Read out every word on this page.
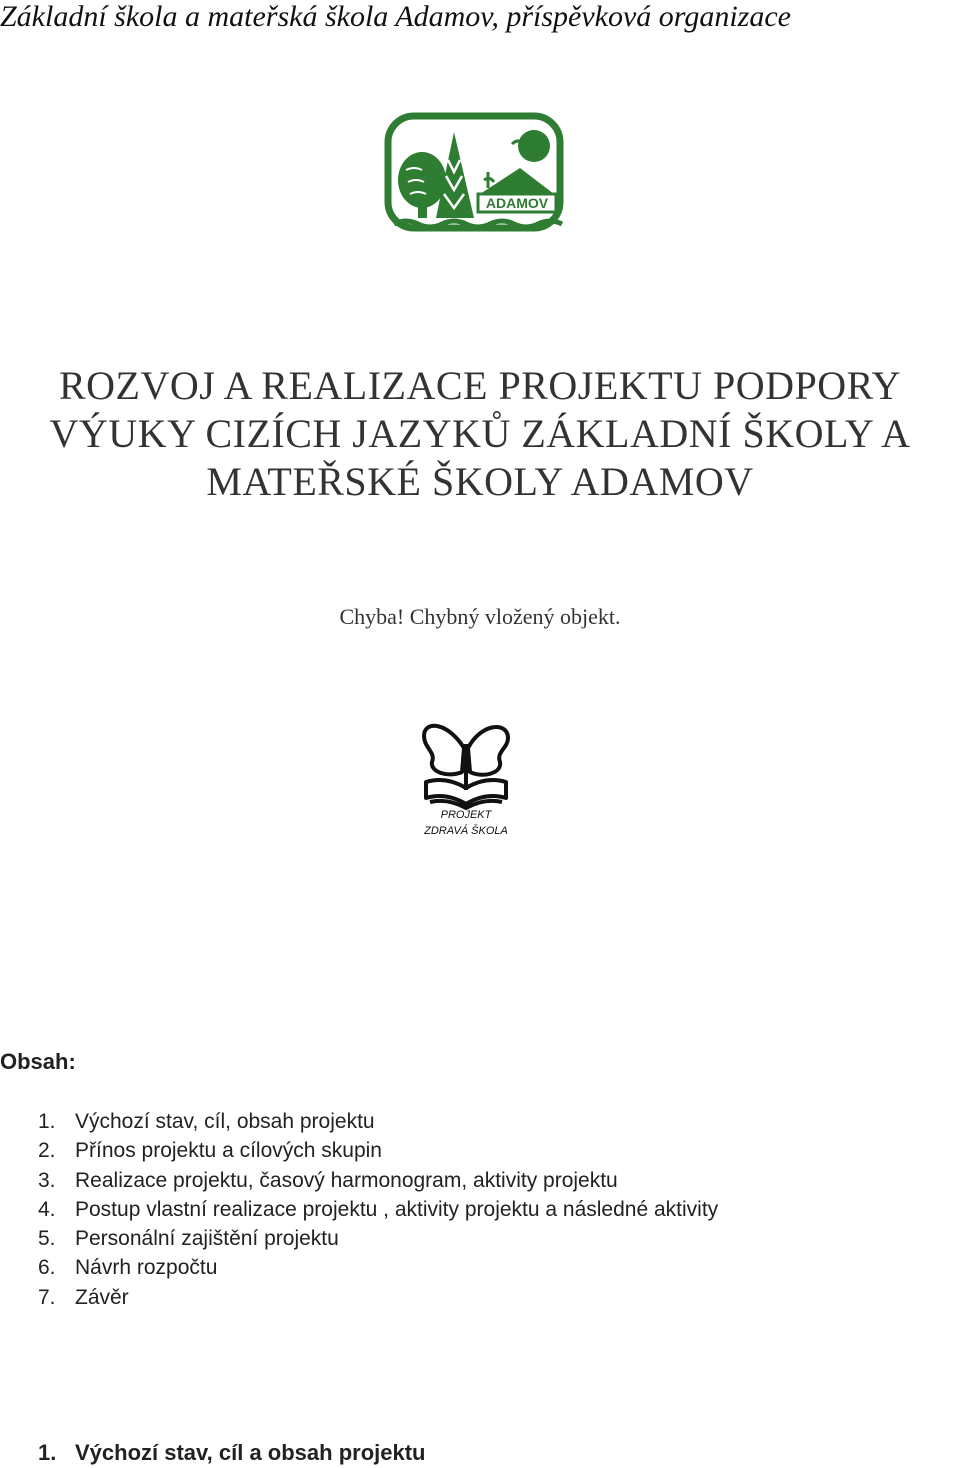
Základní škola a mateřská škola Adamov, příspěvková organizace
ADAMOV
ROZVOJ A REALIZACE PROJEKTU PODPORY
VÝUKY CIZÍCH JAZYKŮ ZÁKLADNÍ ŠKOLY A
MATEŘSKÉ ŠKOLY ADAMOV
Chyba! Chybný vložený objekt.
PROJEKT
ZDRAVÁ ŠKOLA
Obsah:
1. Výchozí stav, cíl, obsah projektu
2. Přínos projektu a cílových skupin
3. Realizace projektu, časový harmonogram, aktivity projektu
4. Postup vlastní realizace projektu , aktivity projektu a následné aktivity
5. Personální zajištění projektu
6. Návrh rozpočtu
7. Závěr
1. Výchozí stav, cíl a obsah projektu
